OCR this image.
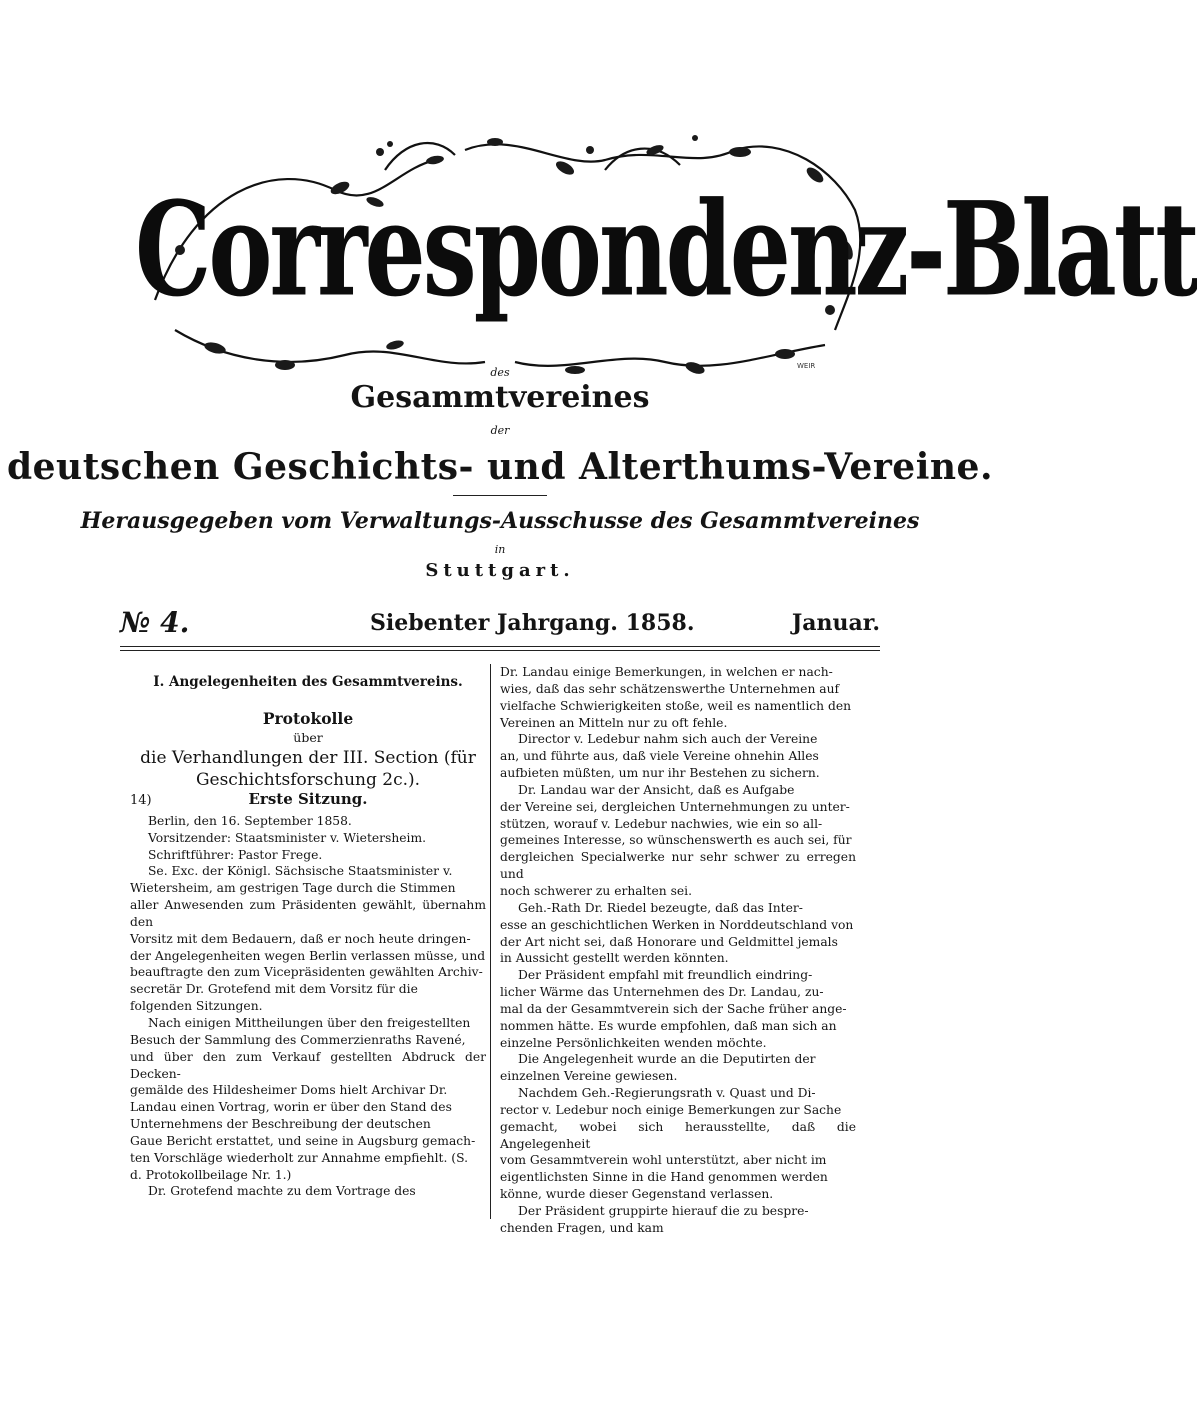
Correspondenz-Blatt
WEIR
des
Gesammtvereines
der
deutschen Geschichts- und Alterthums-Vereine.
Herausgegeben vom Verwaltungs-Ausschusse des Gesammtvereines
in
Stuttgart.
№ 4.	Siebenter Jahrgang. 1858.	Januar.
I. Angelegenheiten des Gesammtvereins.
Protokolle
über
die Verhandlungen der III. Section (für
Geschichtsforschung 2c.).
14)	Erste Sitzung.

Berlin, den 16. September 1858.

Vorsitzender: Staatsminister v. Wietersheim.

Schriftführer: Pastor Frege.

Se. Exc. der Königl. Sächsische Staatsminister v.

Wietersheim, am gestrigen Tage durch die Stimmen

aller Anwesenden zum Präsidenten gewählt, übernahm den

Vorsitz mit dem Bedauern, daß er noch heute dringen-

der Angelegenheiten wegen Berlin verlassen müsse, und

beauftragte den zum Vicepräsidenten gewählten Archiv-

secretär Dr. Grotefend mit dem Vorsitz für die

folgenden Sitzungen.

Nach einigen Mittheilungen über den freigestellten

Besuch der Sammlung des Commerzienraths Ravené,

und über den zum Verkauf gestellten Abdruck der Decken-

gemälde des Hildesheimer Doms hielt Archivar Dr.

Landau einen Vortrag, worin er über den Stand des

Unternehmens der Beschreibung der deutschen

Gaue Bericht erstattet, und seine in Augsburg gemach-

ten Vorschläge wiederholt zur Annahme empfiehlt. (S.

d. Protokollbeilage Nr. 1.)

Dr. Grotefend machte zu dem Vortrage des

Dr. Landau einige Bemerkungen, in welchen er nach-

wies, daß das sehr schätzenswerthe Unternehmen auf

vielfache Schwierigkeiten stoße, weil es namentlich den

Vereinen an Mitteln nur zu oft fehle.

Director v. Ledebur nahm sich auch der Vereine

an, und führte aus, daß viele Vereine ohnehin Alles

aufbieten müßten, um nur ihr Bestehen zu sichern.

Dr. Landau war der Ansicht, daß es Aufgabe

der Vereine sei, dergleichen Unternehmungen zu unter-

stützen, worauf v. Ledebur nachwies, wie ein so all-

gemeines Interesse, so wünschenswerth es auch sei, für

dergleichen Specialwerke nur sehr schwer zu erregen und

noch schwerer zu erhalten sei.

Geh.-Rath Dr. Riedel bezeugte, daß das Inter-

esse an geschichtlichen Werken in Norddeutschland von

der Art nicht sei, daß Honorare und Geldmittel jemals

in Aussicht gestellt werden könnten.

Der Präsident empfahl mit freundlich eindring-

licher Wärme das Unternehmen des Dr. Landau, zu-

mal da der Gesammtverein sich der Sache früher ange-

nommen hätte. Es wurde empfohlen, daß man sich an

einzelne Persönlichkeiten wenden möchte.

Die Angelegenheit wurde an die Deputirten der

einzelnen Vereine gewiesen.

Nachdem Geh.-Regierungsrath v. Quast und Di-

rector v. Ledebur noch einige Bemerkungen zur Sache

gemacht, wobei sich herausstellte, daß die Angelegenheit

vom Gesammtverein wohl unterstützt, aber nicht im

eigentlichsten Sinne in die Hand genommen werden

könne, wurde dieser Gegenstand verlassen.

Der Präsident gruppirte hierauf die zu bespre-

chenden Fragen, und kam
